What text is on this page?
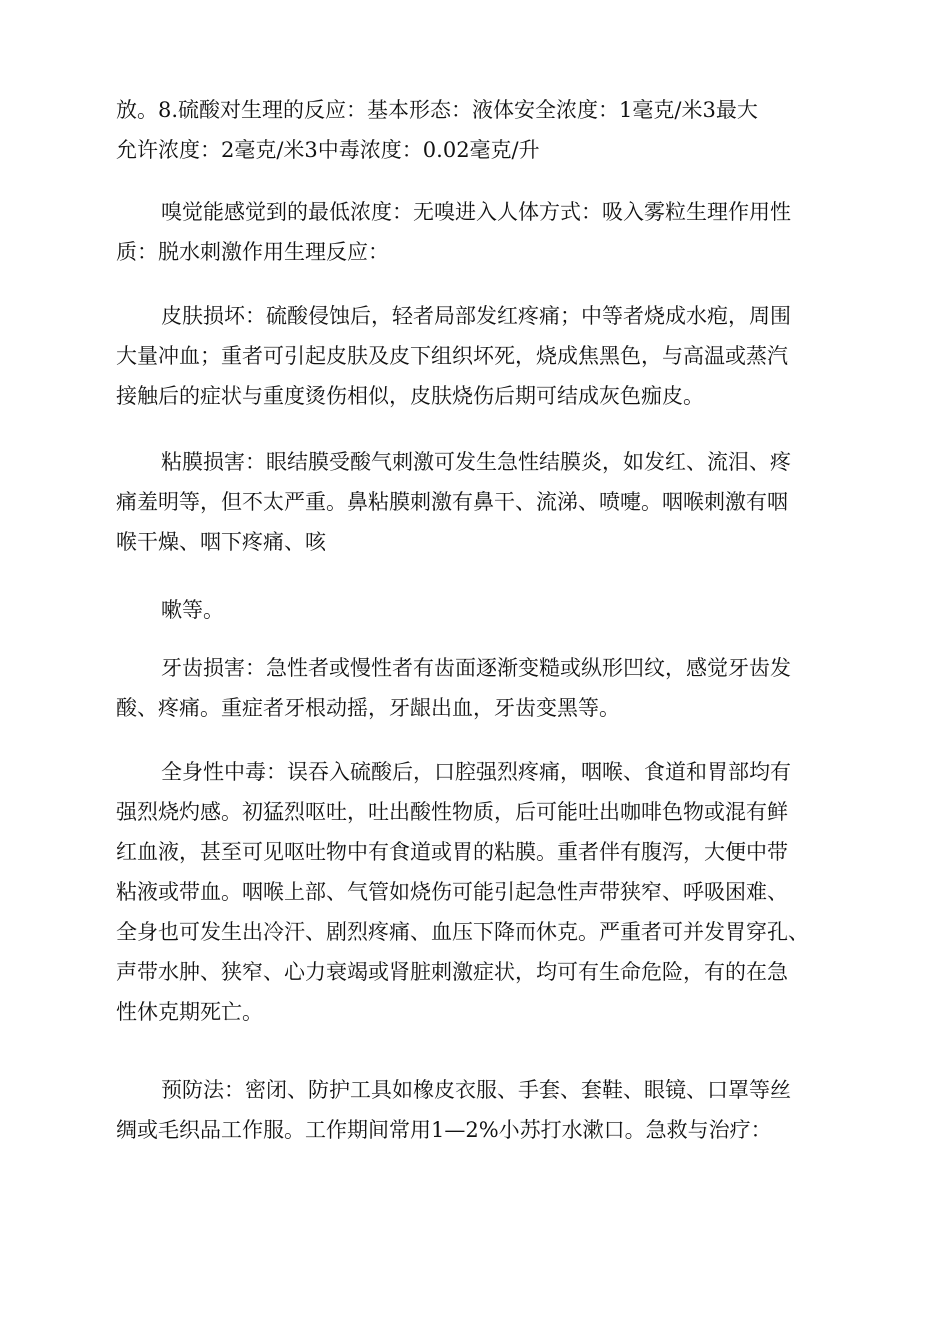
放。8.硫酸对生理的反应：基本形态：液体安全浓度：1毫克/米3最大
允许浓度：2毫克/米3中毒浓度：0.02毫克/升
嗅觉能感觉到的最低浓度：无嗅进入人体方式：吸入雾粒生理作用性
质：脱水刺激作用生理反应：
皮肤损坏：硫酸侵蚀后，轻者局部发红疼痛；中等者烧成水疱，周围
大量冲血；重者可引起皮肤及皮下组织坏死，烧成焦黑色，与高温或蒸汽
接触后的症状与重度烫伤相似，皮肤烧伤后期可结成灰色痂皮。
粘膜损害：眼结膜受酸气刺激可发生急性结膜炎，如发红、流泪、疼
痛羞明等，但不太严重。鼻粘膜刺激有鼻干、流涕、喷嚏。咽喉刺激有咽
喉干燥、咽下疼痛、咳
嗽等。
牙齿损害：急性者或慢性者有齿面逐渐变糙或纵形凹纹，感觉牙齿发
酸、疼痛。重症者牙根动摇，牙龈出血，牙齿变黑等。
全身性中毒：误吞入硫酸后，口腔强烈疼痛，咽喉、食道和胃部均有
强烈烧灼感。初猛烈呕吐，吐出酸性物质，后可能吐出咖啡色物或混有鲜
红血液，甚至可见呕吐物中有食道或胃的粘膜。重者伴有腹泻，大便中带
粘液或带血。咽喉上部、气管如烧伤可能引起急性声带狭窄、呼吸困难、
全身也可发生出冷汗、剧烈疼痛、血压下降而休克。严重者可并发胃穿孔、
声带水肿、狭窄、心力衰竭或肾脏刺激症状，均可有生命危险，有的在急
性休克期死亡。
预防法：密闭、防护工具如橡皮衣服、手套、套鞋、眼镜、口罩等丝
绸或毛织品工作服。工作期间常用1—2%小苏打水漱口。急救与治疗：
